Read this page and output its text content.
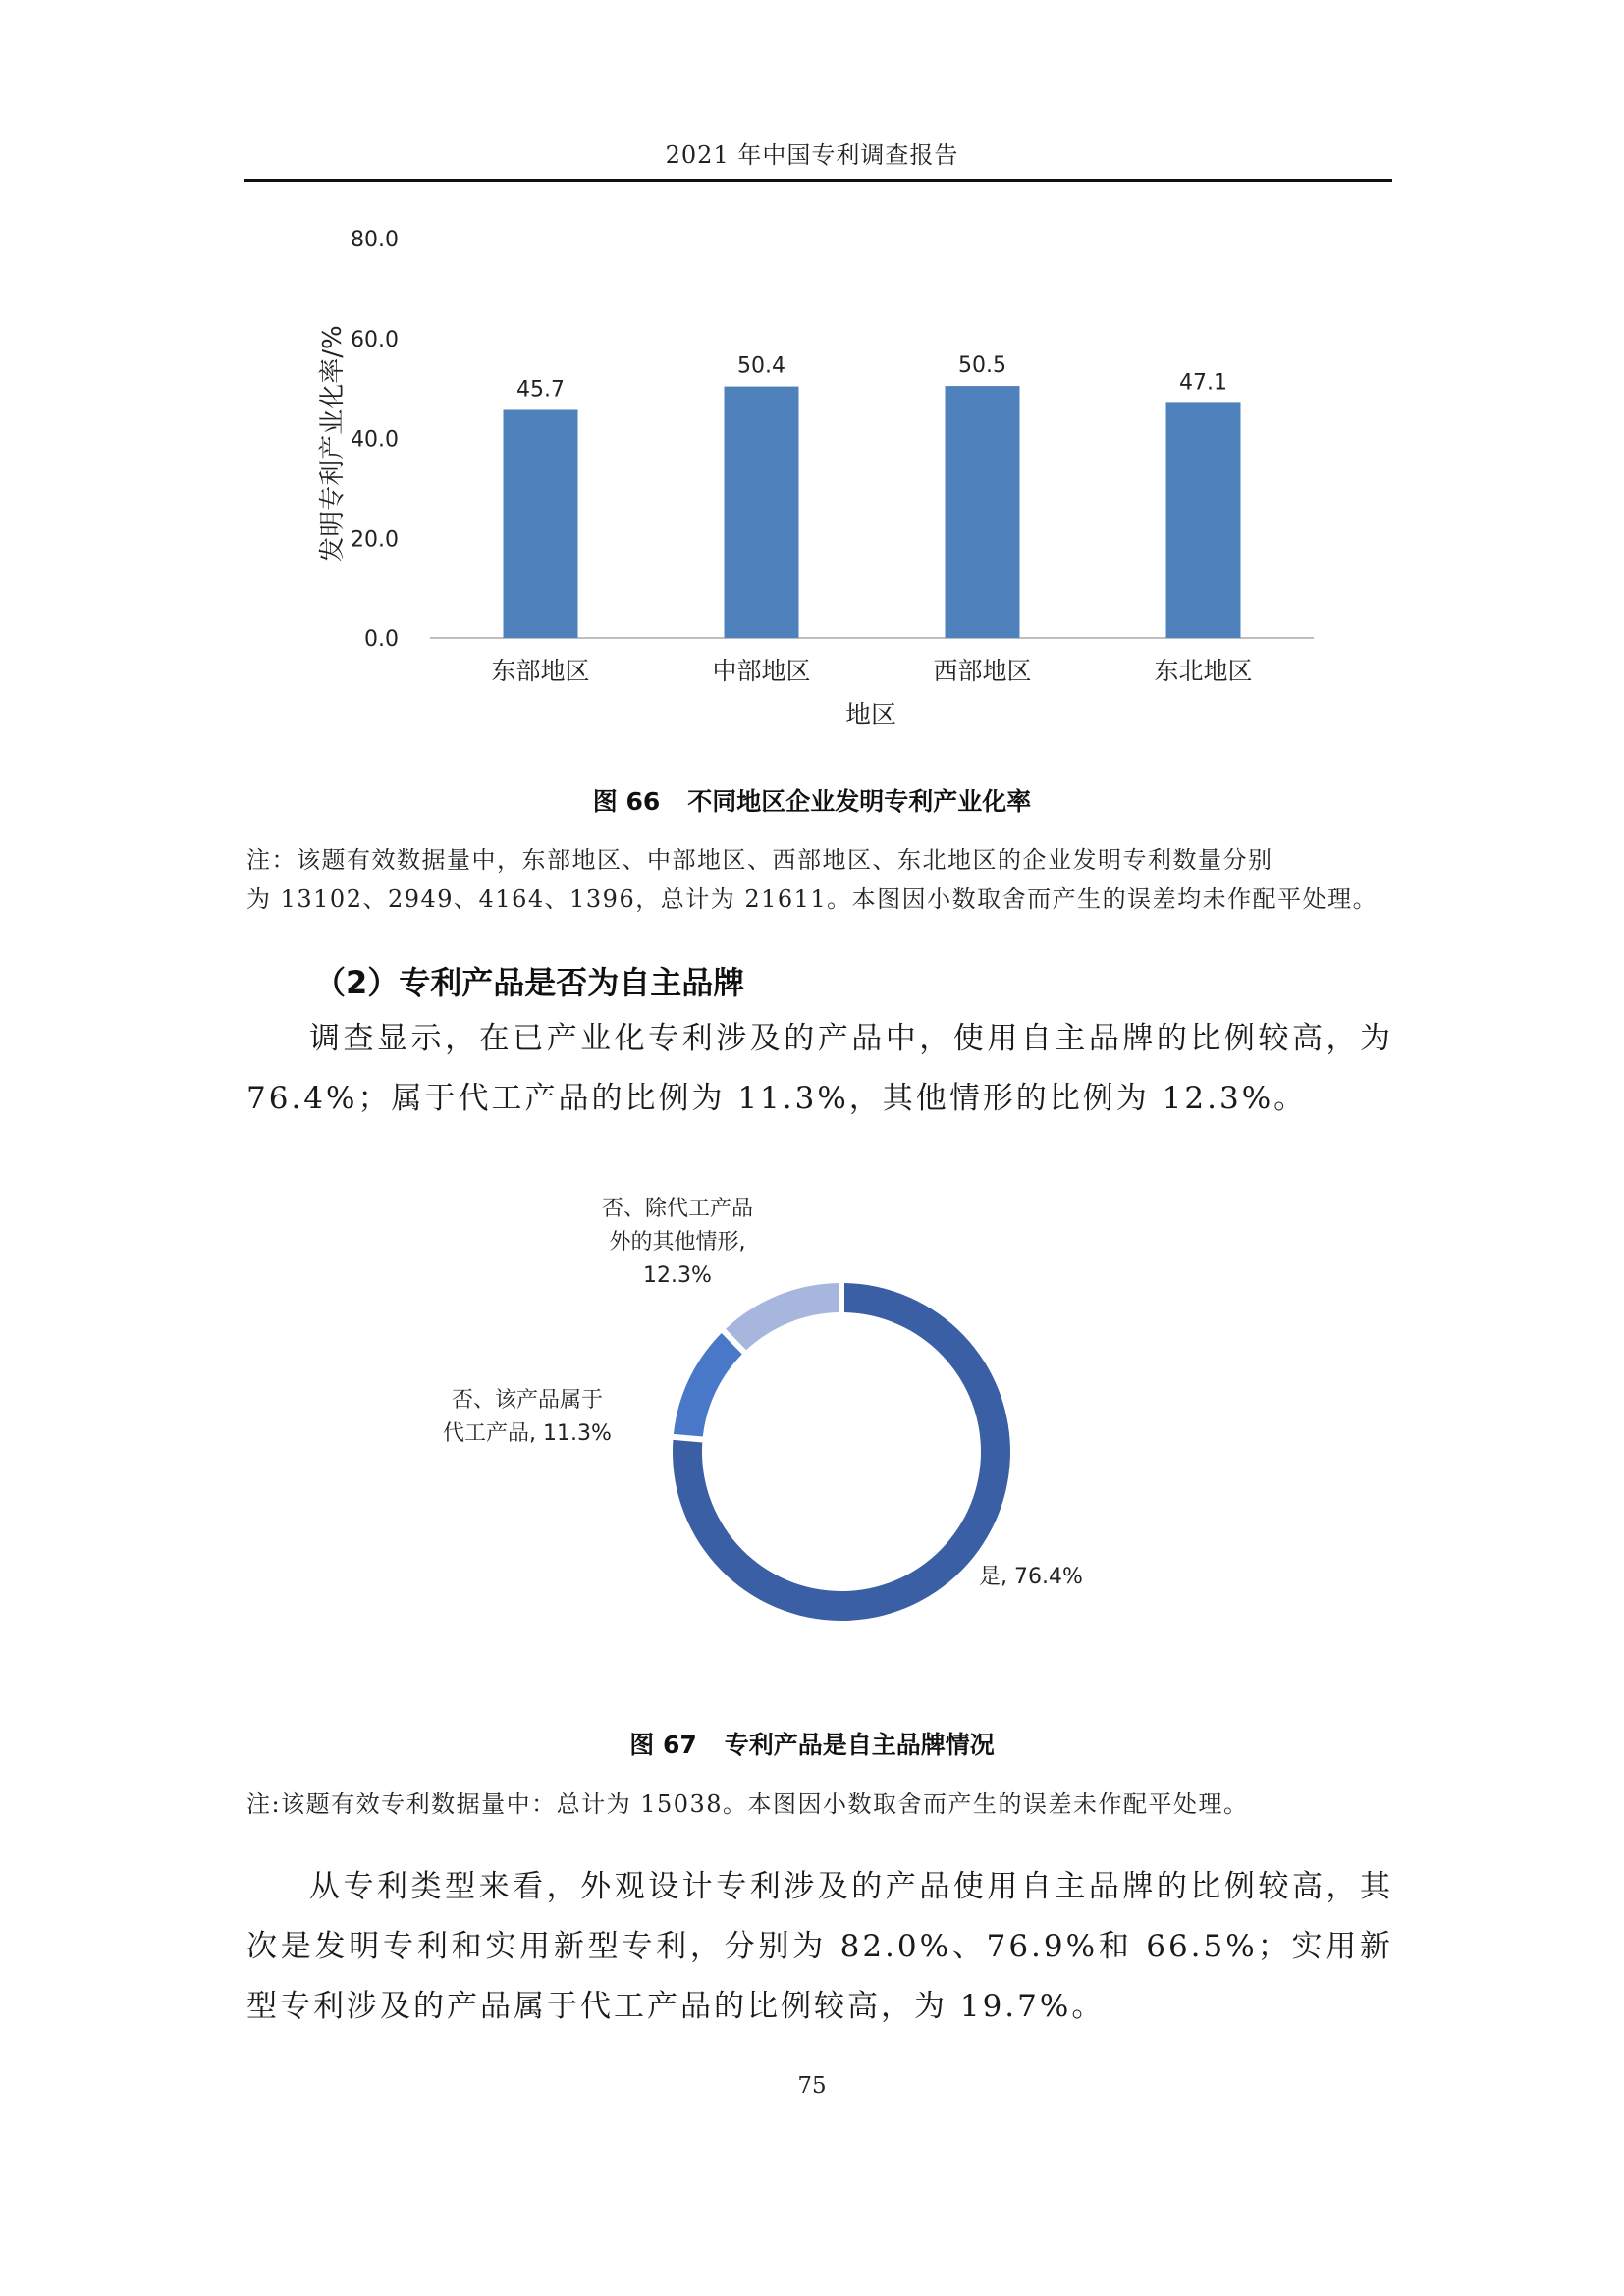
2021 年中国专利调查报告
0.0
20.0
40.0
60.0
80.0
45.7
50.4	50.5
47.1
东部地区	中部地区	西部地区	东北地区
地区
发明专利产业化率/%
图 66 不同地区企业发明专利产业化率
注：该题有效数据量中，东部地区、中部地区、西部地区、东北地区的企业发明专利数量分别
为 13102、2949、4164、1396，总计为 21611。本图因小数取舍而产生的误差均未作配平处理。
（2）专利产品是否为自主品牌
调查显示，在已产业化专利涉及的产品中，使用自主品牌的比例较高，为 76.4%；属于代工产品的比例为 11.3%，其他情形的比例为 12.3%。
是, 76.4%
否、该产品属于
代工产品, 11.3%
否、除代工产品
外的其他情形,
12.3%
图 67 专利产品是自主品牌情况
注:该题有效专利数据量中：总计为 15038。本图因小数取舍而产生的误差未作配平处理。
从专利类型来看，外观设计专利涉及的产品使用自主品牌的比例较高，其次是发明专利和实用新型专利，分别为 82.0%、76.9%和 66.5%；实用新型专利涉及的产品属于代工产品的比例较高，为 19.7%。
75
